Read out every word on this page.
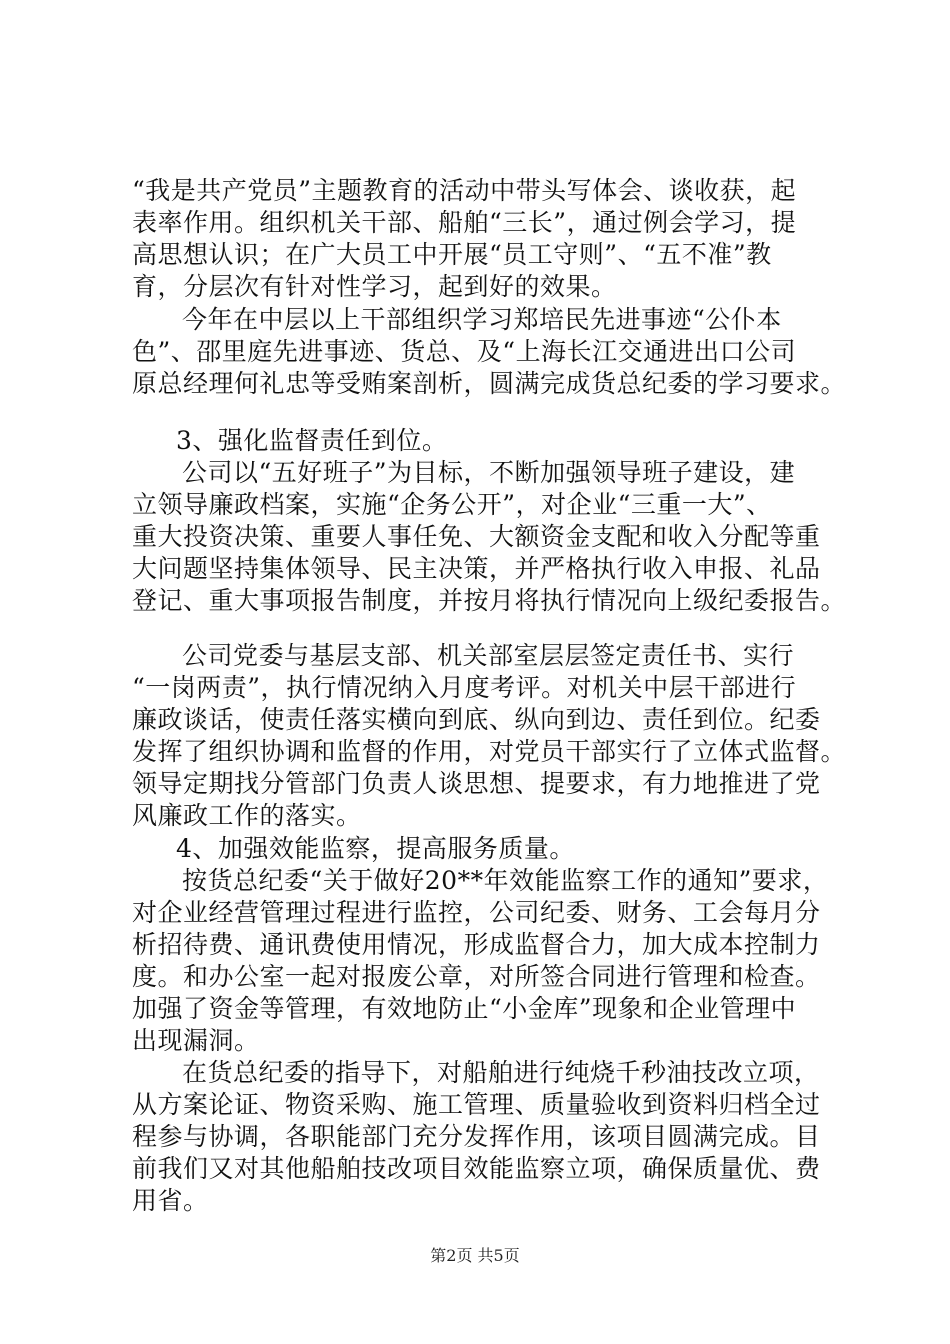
“我是共产党员”主题教育的活动中带头写体会、谈收获，起
表率作用。组织机关干部、船舶“三长”，通过例会学习，提
高思想认识；在广大员工中开展“员工守则”、“五不准”教
育，分层次有针对性学习，起到好的效果。
今年在中层以上干部组织学习郑培民先进事迹“公仆本
色”、邵里庭先进事迹、货总、及“上海长江交通进出口公司
原总经理何礼忠等受贿案剖析，圆满完成货总纪委的学习要求。
3、强化监督责任到位。
公司以“五好班子”为目标，不断加强领导班子建设，建
立领导廉政档案，实施“企务公开”，对企业“三重一大”、
重大投资决策、重要人事任免、大额资金支配和收入分配等重
大问题坚持集体领导、民主决策，并严格执行收入申报、礼品
登记、重大事项报告制度，并按月将执行情况向上级纪委报告。
公司党委与基层支部、机关部室层层签定责任书、实行
“一岗两责”，执行情况纳入月度考评。对机关中层干部进行
廉政谈话，使责任落实横向到底、纵向到边、责任到位。纪委
发挥了组织协调和监督的作用，对党员干部实行了立体式监督。
领导定期找分管部门负责人谈思想、提要求，有力地推进了党
风廉政工作的落实。
4、加强效能监察，提高服务质量。
按货总纪委“关于做好20**年效能监察工作的通知”要求，
对企业经营管理过程进行监控，公司纪委、财务、工会每月分
析招待费、通讯费使用情况，形成监督合力，加大成本控制力
度。和办公室一起对报废公章，对所签合同进行管理和检查。
加强了资金等管理，有效地防止“小金库”现象和企业管理中
出现漏洞。
在货总纪委的指导下，对船舶进行纯烧千秒油技改立项，
从方案论证、物资采购、施工管理、质量验收到资料归档全过
程参与协调，各职能部门充分发挥作用，该项目圆满完成。目
前我们又对其他船舶技改项目效能监察立项，确保质量优、费
用省。
第2页 共5页
